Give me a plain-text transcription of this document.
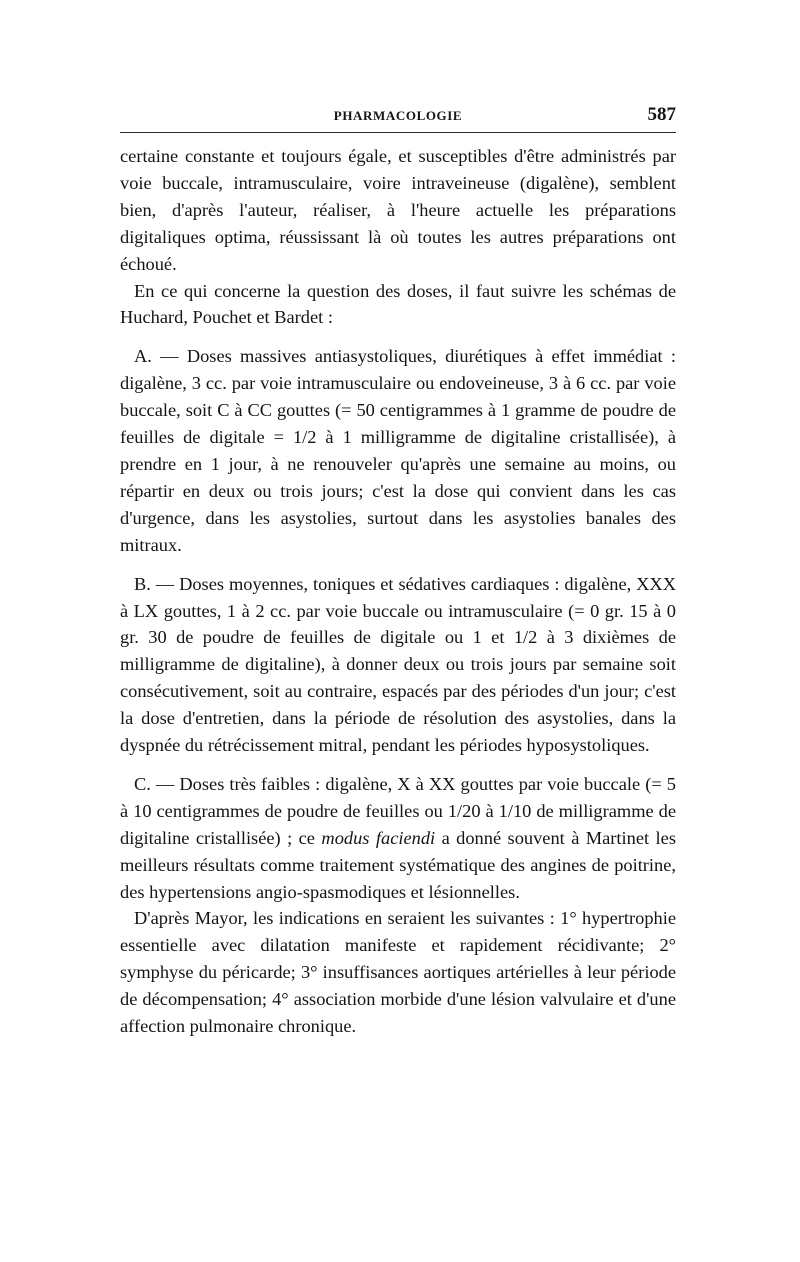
PHARMACOLOGIE	587

certaine constante et toujours égale, et susceptibles d'être administrés par voie buccale, intramusculaire, voire intraveineuse (digalène), semblent bien, d'après l'auteur, réaliser, à l'heure actuelle les préparations digitaliques optima, réussissant là où toutes les autres préparations ont échoué.

En ce qui concerne la question des doses, il faut suivre les schémas de Huchard, Pouchet et Bardet :

A. — Doses massives antiasystoliques, diurétiques à effet immédiat : digalène, 3 cc. par voie intramusculaire ou endoveineuse, 3 à 6 cc. par voie buccale, soit C à CC gouttes (= 50 centigrammes à 1 gramme de poudre de feuilles de digitale = 1/2 à 1 milligramme de digitaline cristallisée), à prendre en 1 jour, à ne renouveler qu'après une semaine au moins, ou répartir en deux ou trois jours; c'est la dose qui convient dans les cas d'urgence, dans les asystolies, surtout dans les asystolies banales des mitraux.

B. — Doses moyennes, toniques et sédatives cardiaques : digalène, XXX à LX gouttes, 1 à 2 cc. par voie buccale ou intramusculaire (= 0 gr. 15 à 0 gr. 30 de poudre de feuilles de digitale ou 1 et 1/2 à 3 dixièmes de milligramme de digitaline), à donner deux ou trois jours par semaine soit consécutivement, soit au contraire, espacés par des périodes d'un jour; c'est la dose d'entretien, dans la période de résolution des asystolies, dans la dyspnée du rétrécissement mitral, pendant les périodes hyposystoliques.

C. — Doses très faibles : digalène, X à XX gouttes par voie buccale (= 5 à 10 centigrammes de poudre de feuilles ou 1/20 à 1/10 de milligramme de digitaline cristallisée) ; ce modus faciendi a donné souvent à Martinet les meilleurs résultats comme traitement systématique des angines de poitrine, des hypertensions angio-spasmodiques et lésionnelles.

D'après Mayor, les indications en seraient les suivantes : 1° hypertrophie essentielle avec dilatation manifeste et rapidement récidivante; 2° symphyse du péricarde; 3° insuffisances aortiques artérielles à leur période de décompensation; 4° association morbide d'une lésion valvulaire et d'une affection pulmonaire chronique.
